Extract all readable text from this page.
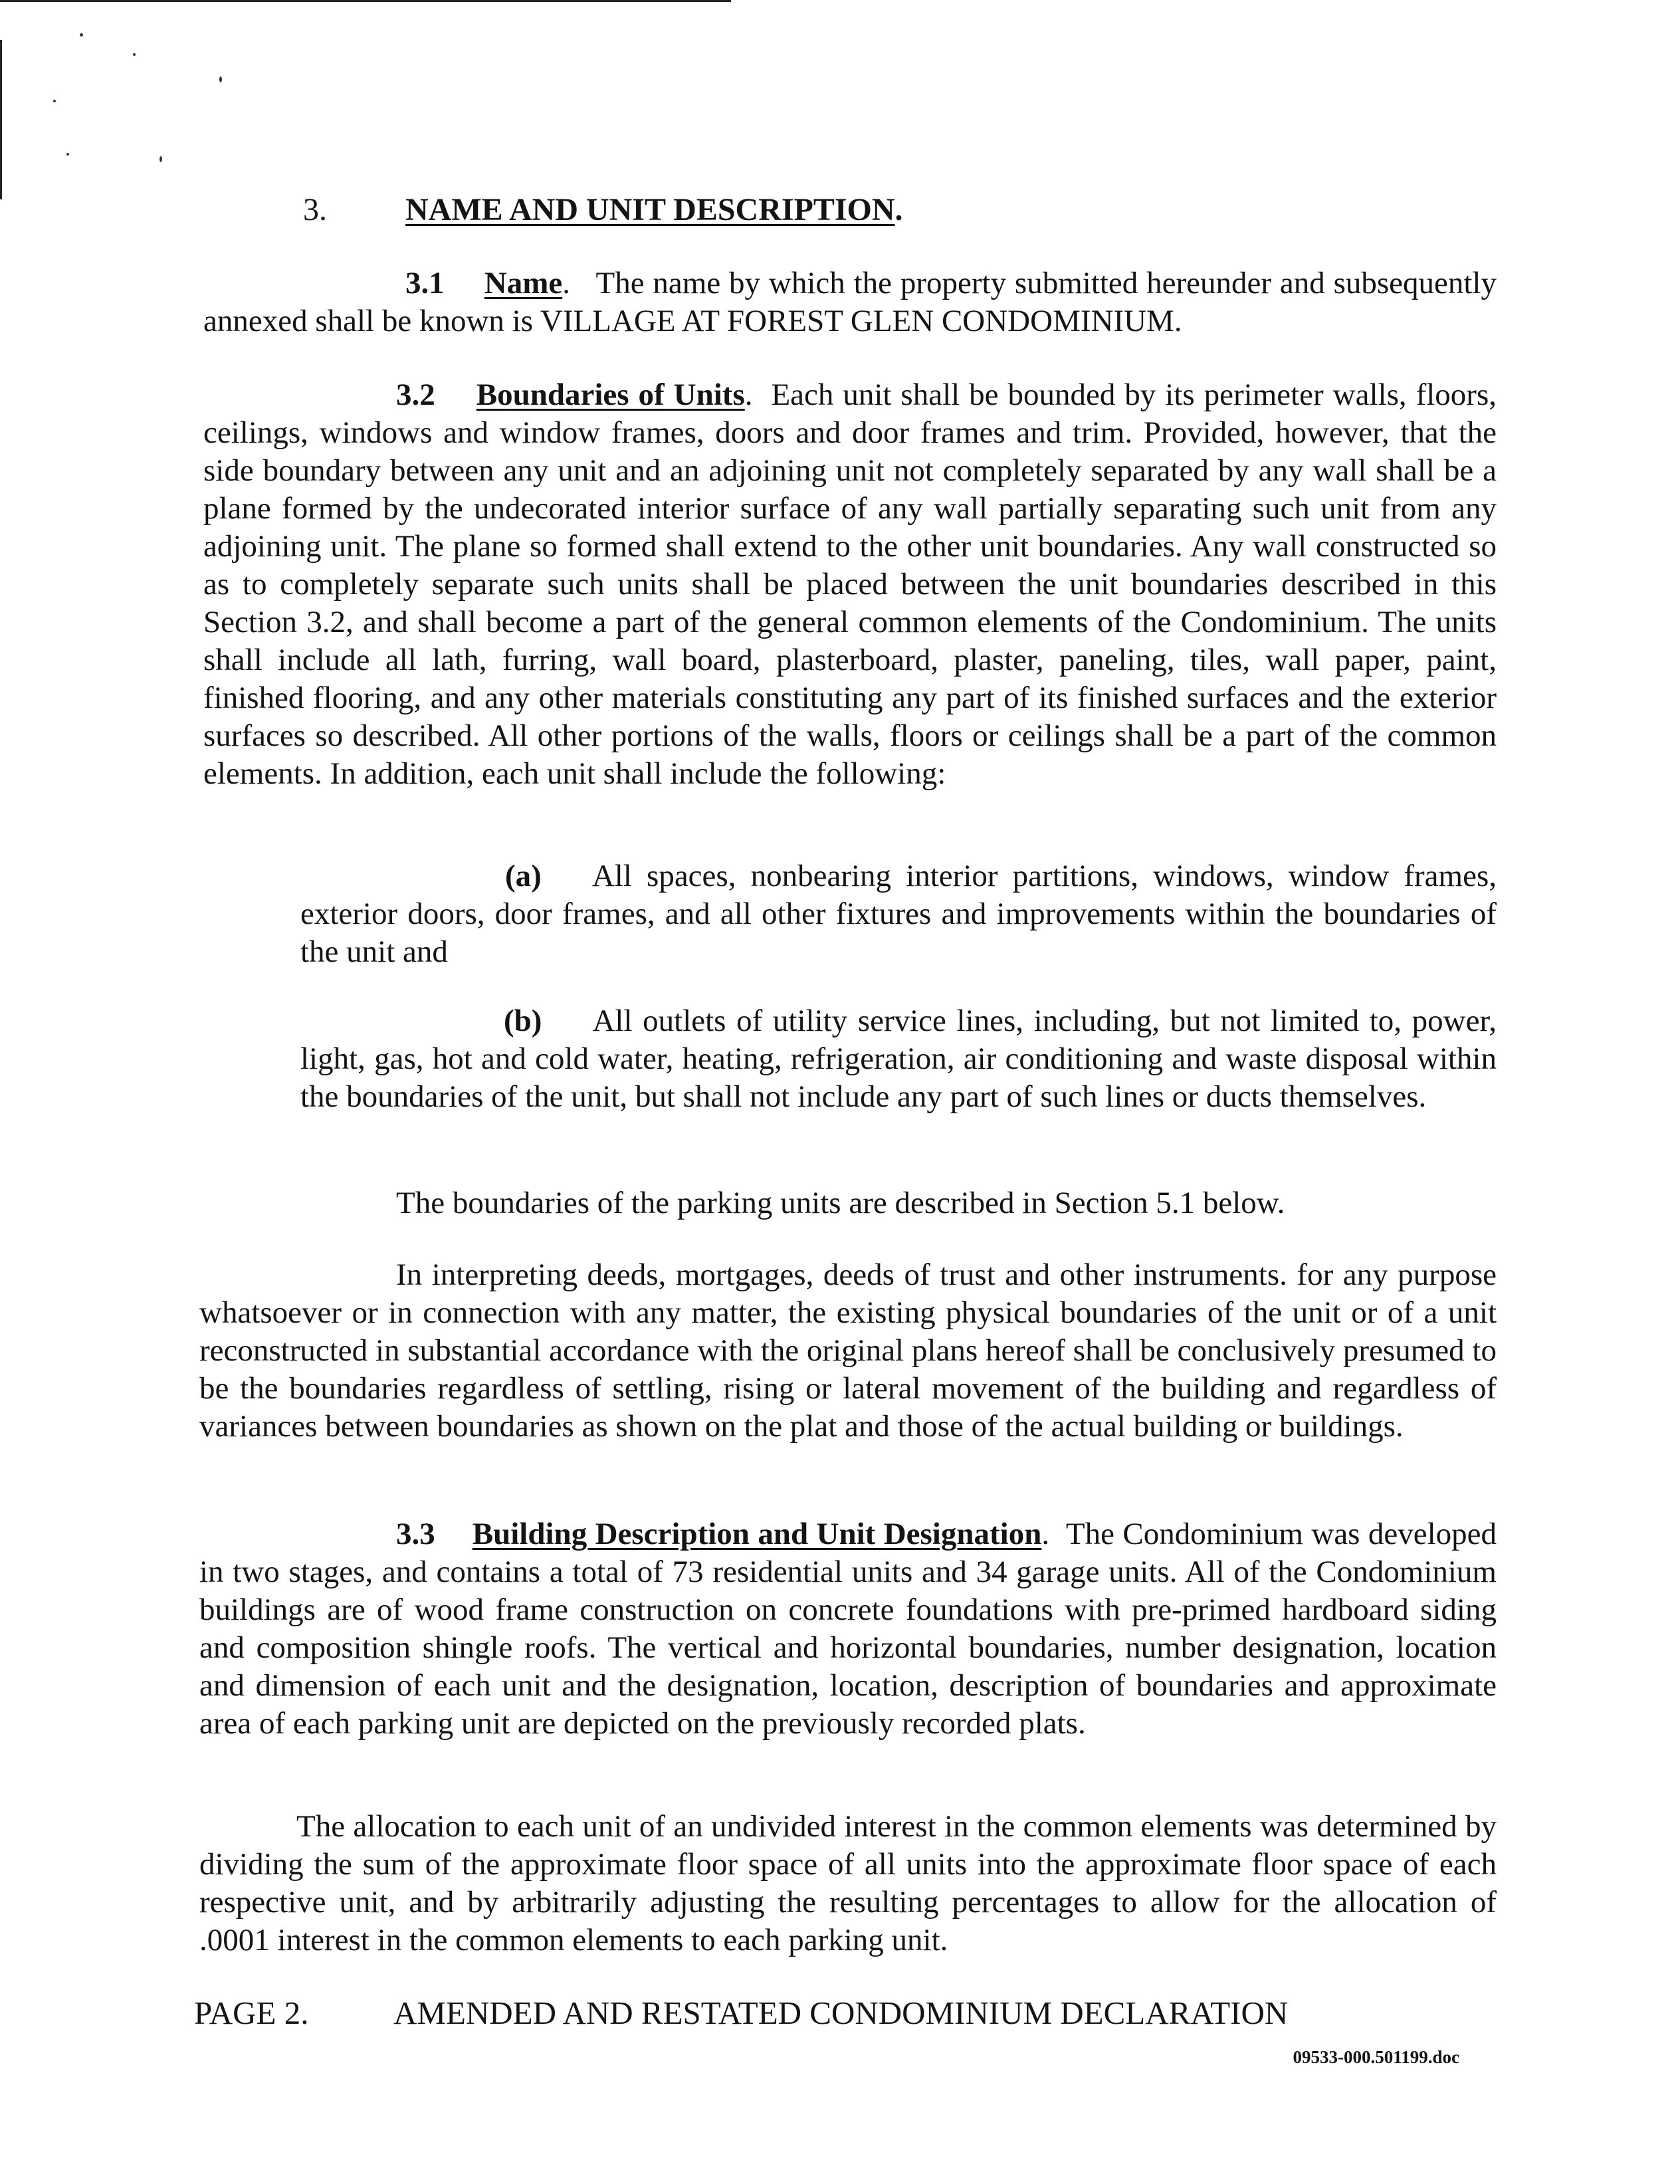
3. NAME AND UNIT DESCRIPTION.
3.1 Name.   The name by which the property submitted hereunder and subsequently annexed shall be known is VILLAGE AT FOREST GLEN CONDOMINIUM.
3.2 Boundaries of Units.  Each unit shall be bounded by its perimeter walls, floors, ceilings, windows and window frames, doors and door frames and trim. Provided, however, that the side boundary between any unit and an adjoining unit not completely separated by any wall shall be a plane formed by the undecorated interior surface of any wall partially separating such unit from any adjoining unit. The plane so formed shall extend to the other unit boundaries. Any wall constructed so as to completely separate such units shall be placed between the unit boundaries described in this Section 3.2, and shall become a part of the general common elements of the Condominium. The units shall include all lath, furring, wall board, plasterboard, plaster, paneling, tiles, wall paper, paint, finished flooring, and any other materials constituting any part of its finished surfaces and the exterior surfaces so described. All other portions of the walls, floors or ceilings shall be a part of the common elements. In addition, each unit shall include the following:
(a) All spaces, nonbearing interior partitions, windows, window frames, exterior doors, door frames, and all other fixtures and improvements within the boundaries of the unit and
(b) All outlets of utility service lines, including, but not limited to, power, light, gas, hot and cold water, heating, refrigeration, air conditioning and waste disposal within the boundaries of the unit, but shall not include any part of such lines or ducts themselves.
The boundaries of the parking units are described in Section 5.1 below.
In interpreting deeds, mortgages, deeds of trust and other instruments. for any purpose whatsoever or in connection with any matter, the existing physical boundaries of the unit or of a unit reconstructed in substantial accordance with the original plans hereof shall be conclusively presumed to be the boundaries regardless of settling, rising or lateral movement of the building and regardless of variances between boundaries as shown on the plat and those of the actual building or buildings.
3.3 Building Description and Unit Designation.  The Condominium was developed in two stages, and contains a total of 73 residential units and 34 garage units. All of the Condominium buildings are of wood frame construction on concrete foundations with pre-primed hardboard siding and composition shingle roofs. The vertical and horizontal boundaries, number designation, location and dimension of each unit and the designation, location, description of boundaries and approximate area of each parking unit are depicted on the previously recorded plats.
The allocation to each unit of an undivided interest in the common elements was determined by dividing the sum of the approximate floor space of all units into the approximate floor space of each respective unit, and by arbitrarily adjusting the resulting percentages to allow for the allocation of .0001 interest in the common elements to each parking unit.
PAGE 2.	AMENDED AND RESTATED CONDOMINIUM DECLARATION
09533-000.501199.doc
